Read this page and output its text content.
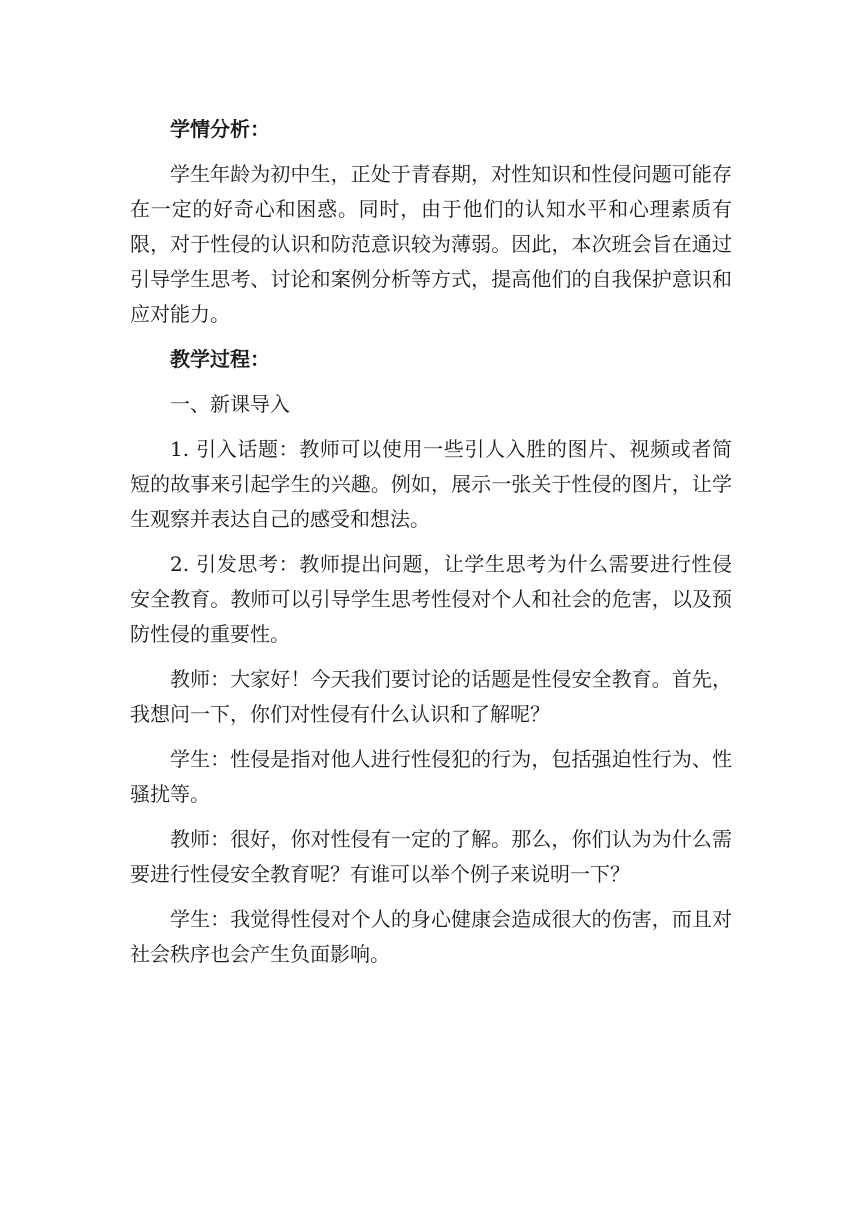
学情分析：
学生年龄为初中生，正处于青春期，对性知识和性侵问题可能存在一定的好奇心和困惑。同时，由于他们的认知水平和心理素质有限，对于性侵的认识和防范意识较为薄弱。因此，本次班会旨在通过引导学生思考、讨论和案例分析等方式，提高他们的自我保护意识和应对能力。
教学过程：
一、新课导入
1. 引入话题：教师可以使用一些引人入胜的图片、视频或者简短的故事来引起学生的兴趣。例如，展示一张关于性侵的图片，让学生观察并表达自己的感受和想法。
2. 引发思考：教师提出问题，让学生思考为什么需要进行性侵安全教育。教师可以引导学生思考性侵对个人和社会的危害，以及预防性侵的重要性。
教师：大家好！今天我们要讨论的话题是性侵安全教育。首先，我想问一下，你们对性侵有什么认识和了解呢？
学生：性侵是指对他人进行性侵犯的行为，包括强迫性行为、性骚扰等。
教师：很好，你对性侵有一定的了解。那么，你们认为为什么需要进行性侵安全教育呢？有谁可以举个例子来说明一下？
学生：我觉得性侵对个人的身心健康会造成很大的伤害，而且对社会秩序也会产生负面影响。
